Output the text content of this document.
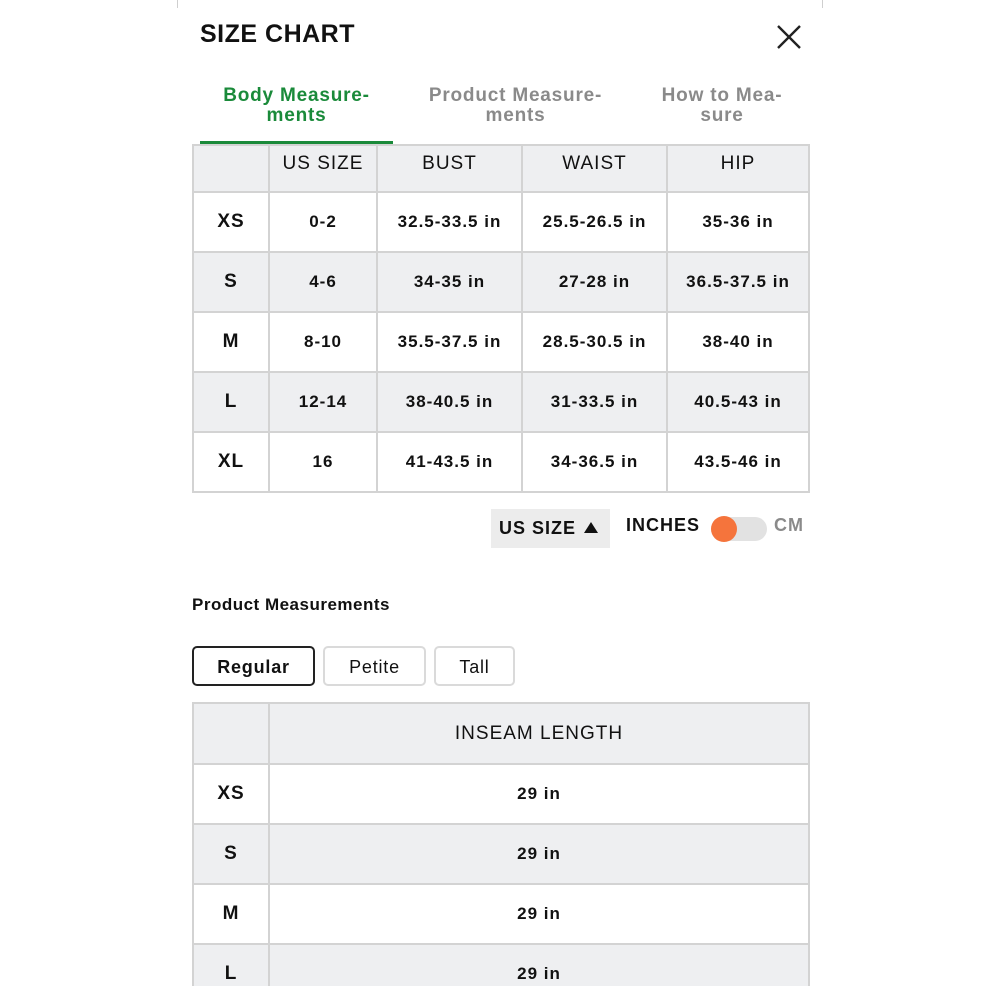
SIZE CHART
Body Measure-
ments
Product Measure-
ments
How to Mea-
sure
	US SIZE	BUST	WAIST	HIP
XS	0-2	32.5-33.5 in	25.5-26.5 in	35-36 in
S	4-6	34-35 in	27-28 in	36.5-37.5 in
M	8-10	35.5-37.5 in	28.5-30.5 in	38-40 in
L	12-14	38-40.5 in	31-33.5 in	40.5-43 in
XL	16	41-43.5 in	34-36.5 in	43.5-46 in
US SIZE	INCHES	CM
Product Measurements
Regular	Petite	Tall
	INSEAM LENGTH
XS	29 in
S	29 in
M	29 in
L	29 in
